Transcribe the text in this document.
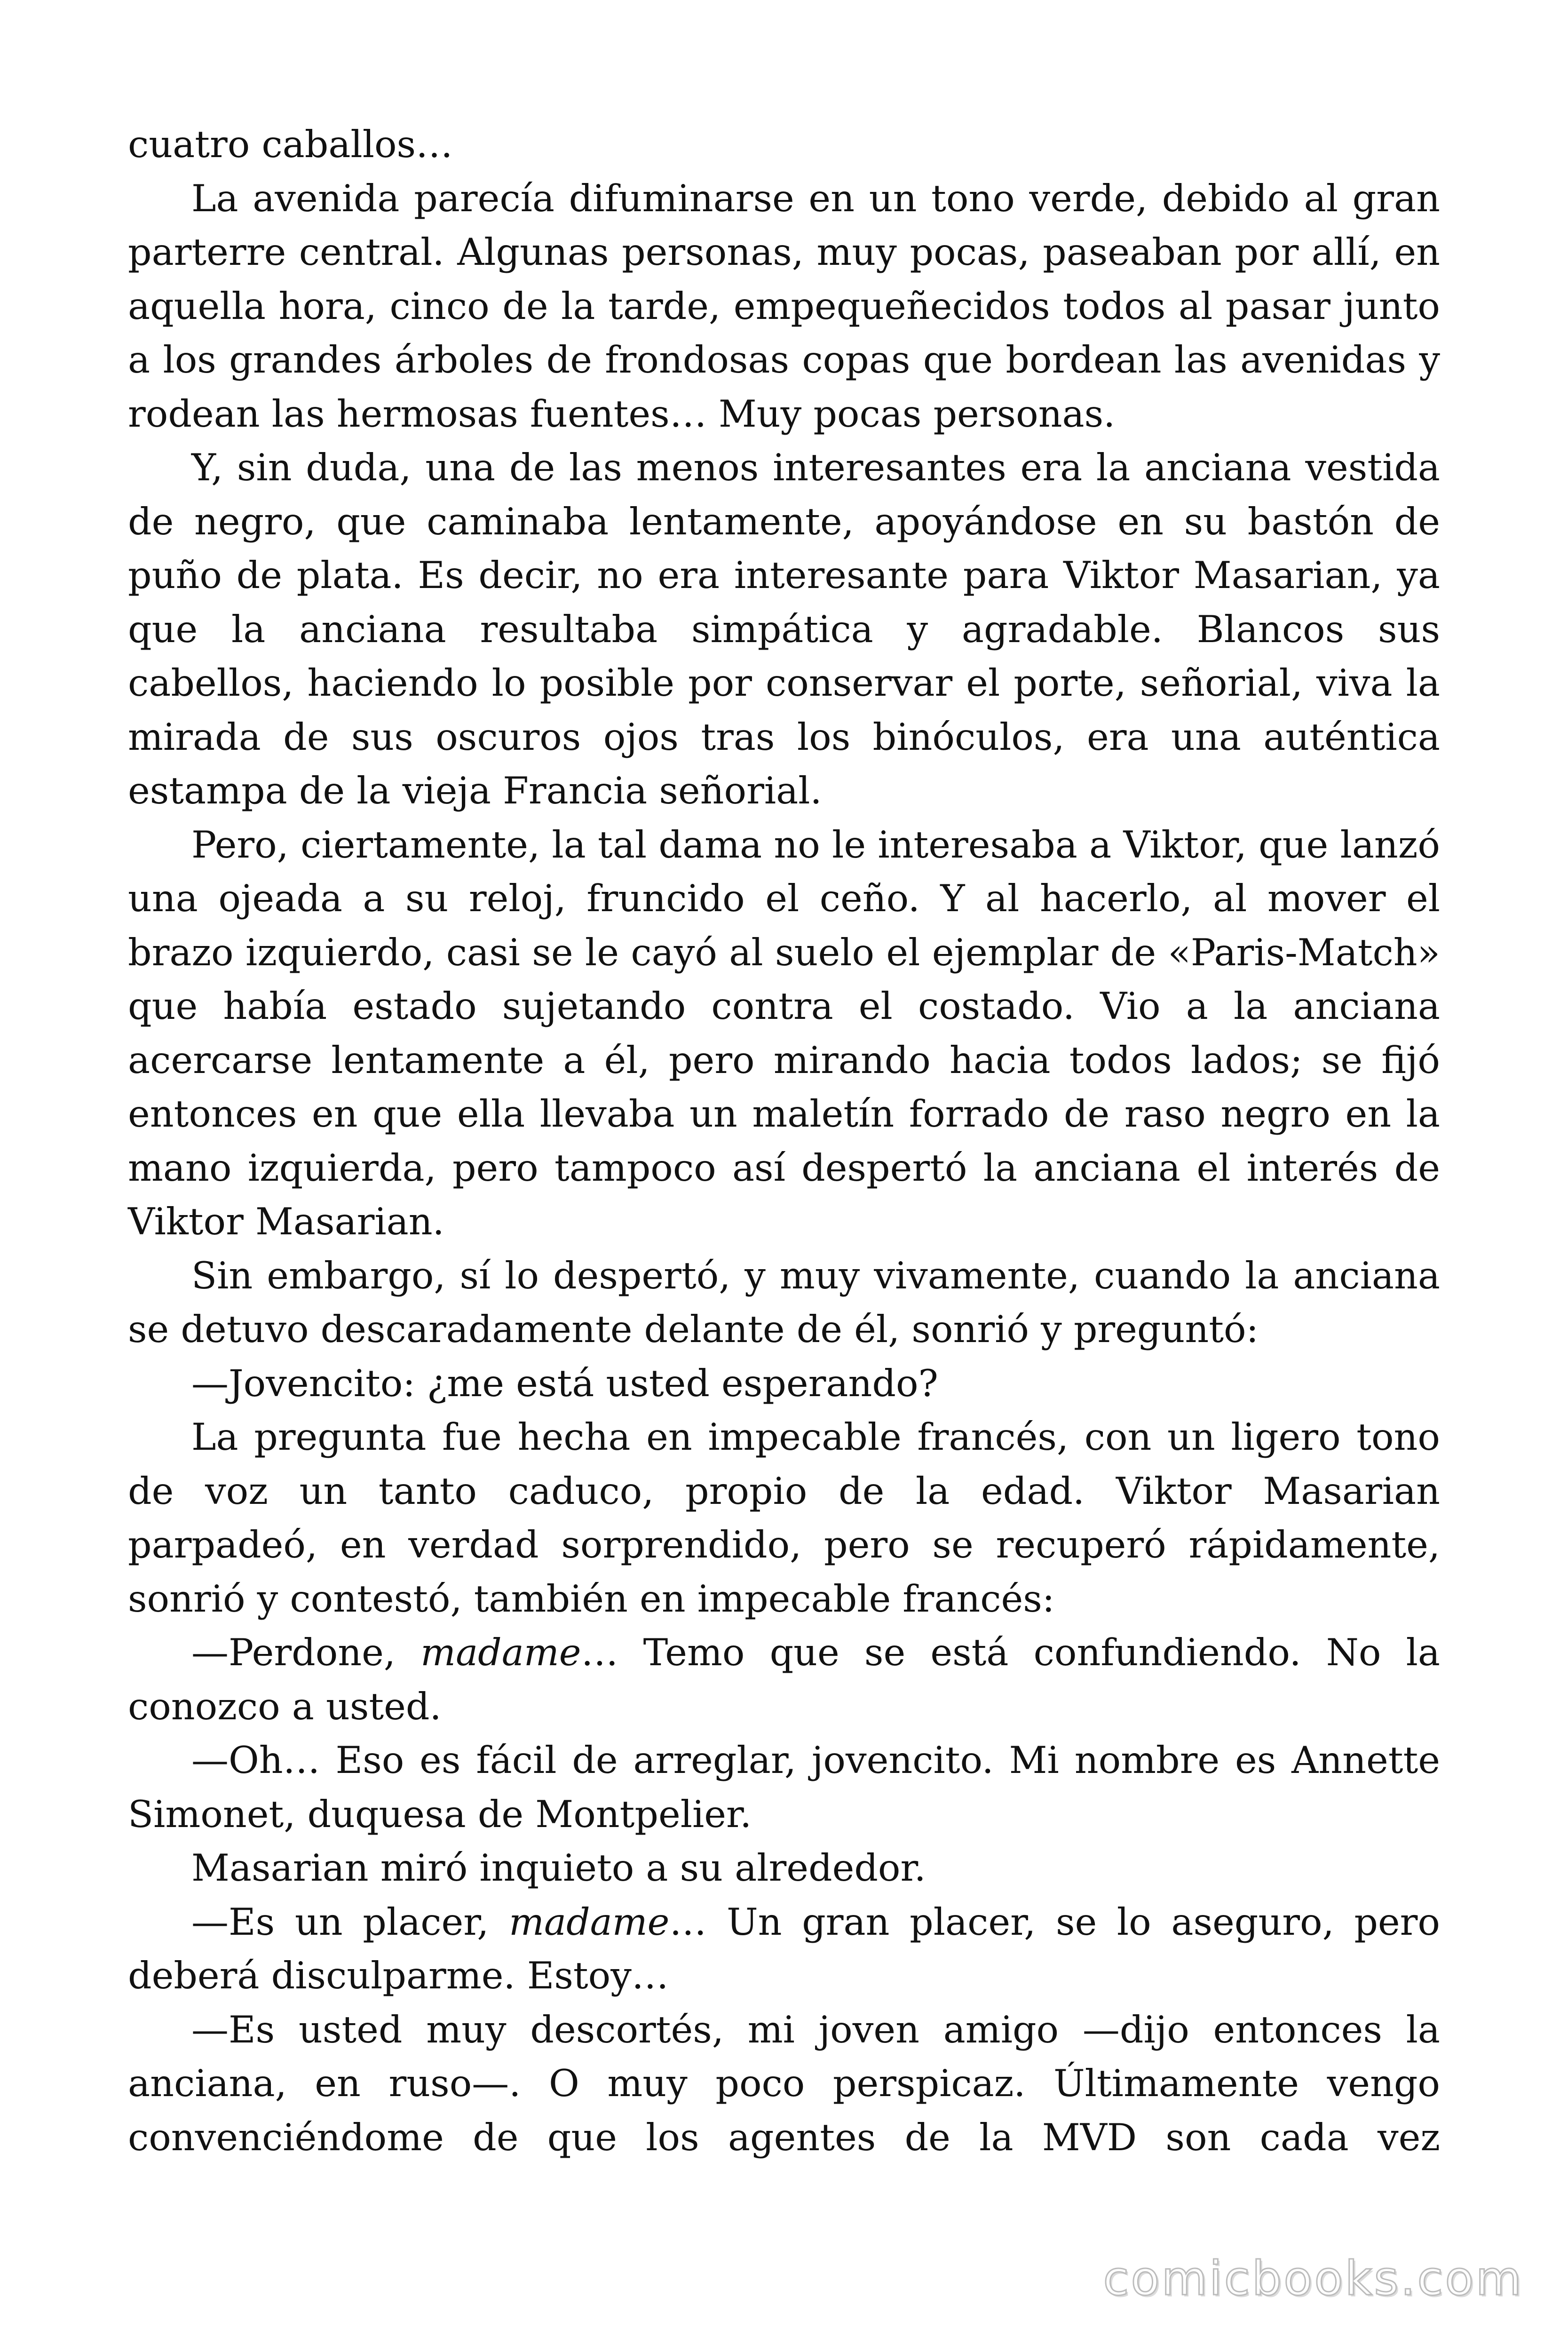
cuatro caballos…

La avenida parecía difuminarse en un tono verde, debido al gran parterre central. Algunas personas, muy pocas, paseaban por allí, en aquella hora, cinco de la tarde, empequeñecidos todos al pasar junto a los grandes árboles de frondosas copas que bordean las avenidas y rodean las hermosas fuentes… Muy pocas personas.

Y, sin duda, una de las menos interesantes era la anciana vestida de negro, que caminaba lentamente, apoyándose en su bastón de puño de plata. Es decir, no era interesante para Viktor Masarian, ya que la anciana resultaba simpática y agradable. Blancos sus cabellos, haciendo lo posible por conservar el porte, señorial, viva la mirada de sus oscuros ojos tras los binóculos, era una auténtica estampa de la vieja Francia señorial.

Pero, ciertamente, la tal dama no le interesaba a Viktor, que lanzó una ojeada a su reloj, fruncido el ceño. Y al hacerlo, al mover el brazo izquierdo, casi se le cayó al suelo el ejemplar de «Paris-Match» que había estado sujetando contra el costado. Vio a la anciana acercarse lentamente a él, pero mirando hacia todos lados; se fijó entonces en que ella llevaba un maletín forrado de raso negro en la mano izquierda, pero tampoco así despertó la anciana el interés de Viktor Masarian.

Sin embargo, sí lo despertó, y muy vivamente, cuando la anciana se detuvo descaradamente delante de él, sonrió y preguntó:

—Jovencito: ¿me está usted esperando?

La pregunta fue hecha en impecable francés, con un ligero tono de voz un tanto caduco, propio de la edad. Viktor Masarian parpadeó, en verdad sorprendido, pero se recuperó rápidamente, sonrió y contestó, también en impecable francés:

—Perdone, madame… Temo que se está confundiendo. No la conozco a usted.

—Oh… Eso es fácil de arreglar, jovencito. Mi nombre es Annette Simonet, duquesa de Montpelier.

Masarian miró inquieto a su alrededor.

—Es un placer, madame… Un gran placer, se lo aseguro, pero deberá disculparme. Estoy…

—Es usted muy descortés, mi joven amigo —dijo entonces la anciana, en ruso—. O muy poco perspicaz. Últimamente vengo convenciéndome de que los agentes de la MVD son cada vez

comicbooks.com
